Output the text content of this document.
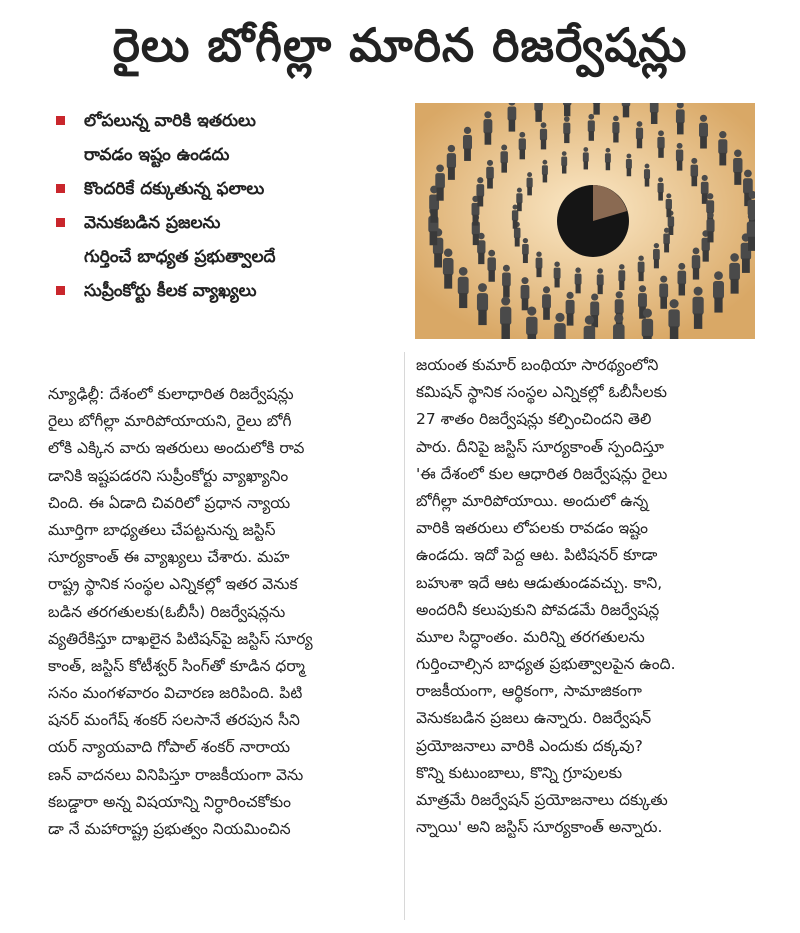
రైలు బోగీల్లా మారిన రిజర్వేషన్లు
లోపలున్న వారికి ఇతరులు
రావడం ఇష్టం ఉండదు
కొందరికే దక్కుతున్న ఫలాలు
వెనుకబడిన ప్రజలను
గుర్తించే బాధ్యత ప్రభుత్వాలదే
సుప్రీంకోర్టు కీలక వ్యాఖ్యలు
న్యూఢిల్లీ: దేశంలో కులాధారిత రిజర్వేషన్లు
రైలు బోగీల్లా మారిపోయాయని, రైలు బోగీ
లోకి ఎక్కిన వారు ఇతరులు అందులోకి రావ
డానికి ఇష్టపడరని సుప్రీంకోర్టు వ్యాఖ్యానిం
చింది. ఈ ఏడాది చివరిలో ప్రధాన న్యాయ
మూర్తిగా బాధ్యతలు చేపట్టనున్న జస్టిస్
సూర్యకాంత్ ఈ వ్యాఖ్యలు చేశారు. మహ
రాష్ట్ర స్థానిక సంస్థల ఎన్నికల్లో ఇతర వెనుక
బడిన తరగతులకు(ఓబీసీ) రిజర్వేషన్లను
వ్యతిరేకిస్తూ దాఖలైన పిటిషన్‌పై జస్టిస్ సూర్య
కాంత్, జస్టిస్ కోటీశ్వర్ సింగ్‌తో కూడిన ధర్మా
సనం మంగళవారం విచారణ జరిపింది. పిటి
షనర్ మంగేష్ శంకర్ సలసానే తరపున సీని
యర్ న్యాయవాది గోపాల్ శంకర్ నారాయ
ణన్ వాదనలు వినిపిస్తూ రాజకీయంగా వెను
కబడ్డారా అన్న విషయాన్ని నిర్ధారించకోకుం
డా నే మహారాష్ట్ర ప్రభుత్వం నియమించిన
జయంత కుమార్ బంథియా సారథ్యంలోని
కమిషన్ స్థానిక సంస్థల ఎన్నికల్లో ఓబీసీలకు
27 శాతం రిజర్వేషన్లు కల్పించిందని తెలి
పారు. దీనిపై జస్టిస్ సూర్యకాంత్ స్పందిస్తూ
'ఈ దేశంలో కుల ఆధారిత రిజర్వేషన్లు రైలు
బోగీల్లా మారిపోయాయి. అందులో ఉన్న
వారికి ఇతరులు లోపలకు రావడం ఇష్టం
ఉండదు. ఇదో పెద్ద ఆట. పిటిషనర్ కూడా
బహుశా ఇదే ఆట ఆడుతుండవచ్చు. కాని,
అందరినీ కలుపుకుని పోవడమే రిజర్వేషన్ల
మూల సిద్ధాంతం. మరిన్ని తరగతులను
గుర్తించాల్సిన బాధ్యత ప్రభుత్వాలపైన ఉంది.
రాజకీయంగా, ఆర్థికంగా, సామాజికంగా
వెనుకబడిన ప్రజలు ఉన్నారు. రిజర్వేషన్
ప్రయోజనాలు వారికి ఎందుకు దక్కవు?
కొన్ని కుటుంబాలు, కొన్ని గ్రూపులకు
మాత్రమే రిజర్వేషన్ ప్రయోజనాలు దక్కుతు
న్నాయి' అని జస్టిస్ సూర్యకాంత్ అన్నారు.
